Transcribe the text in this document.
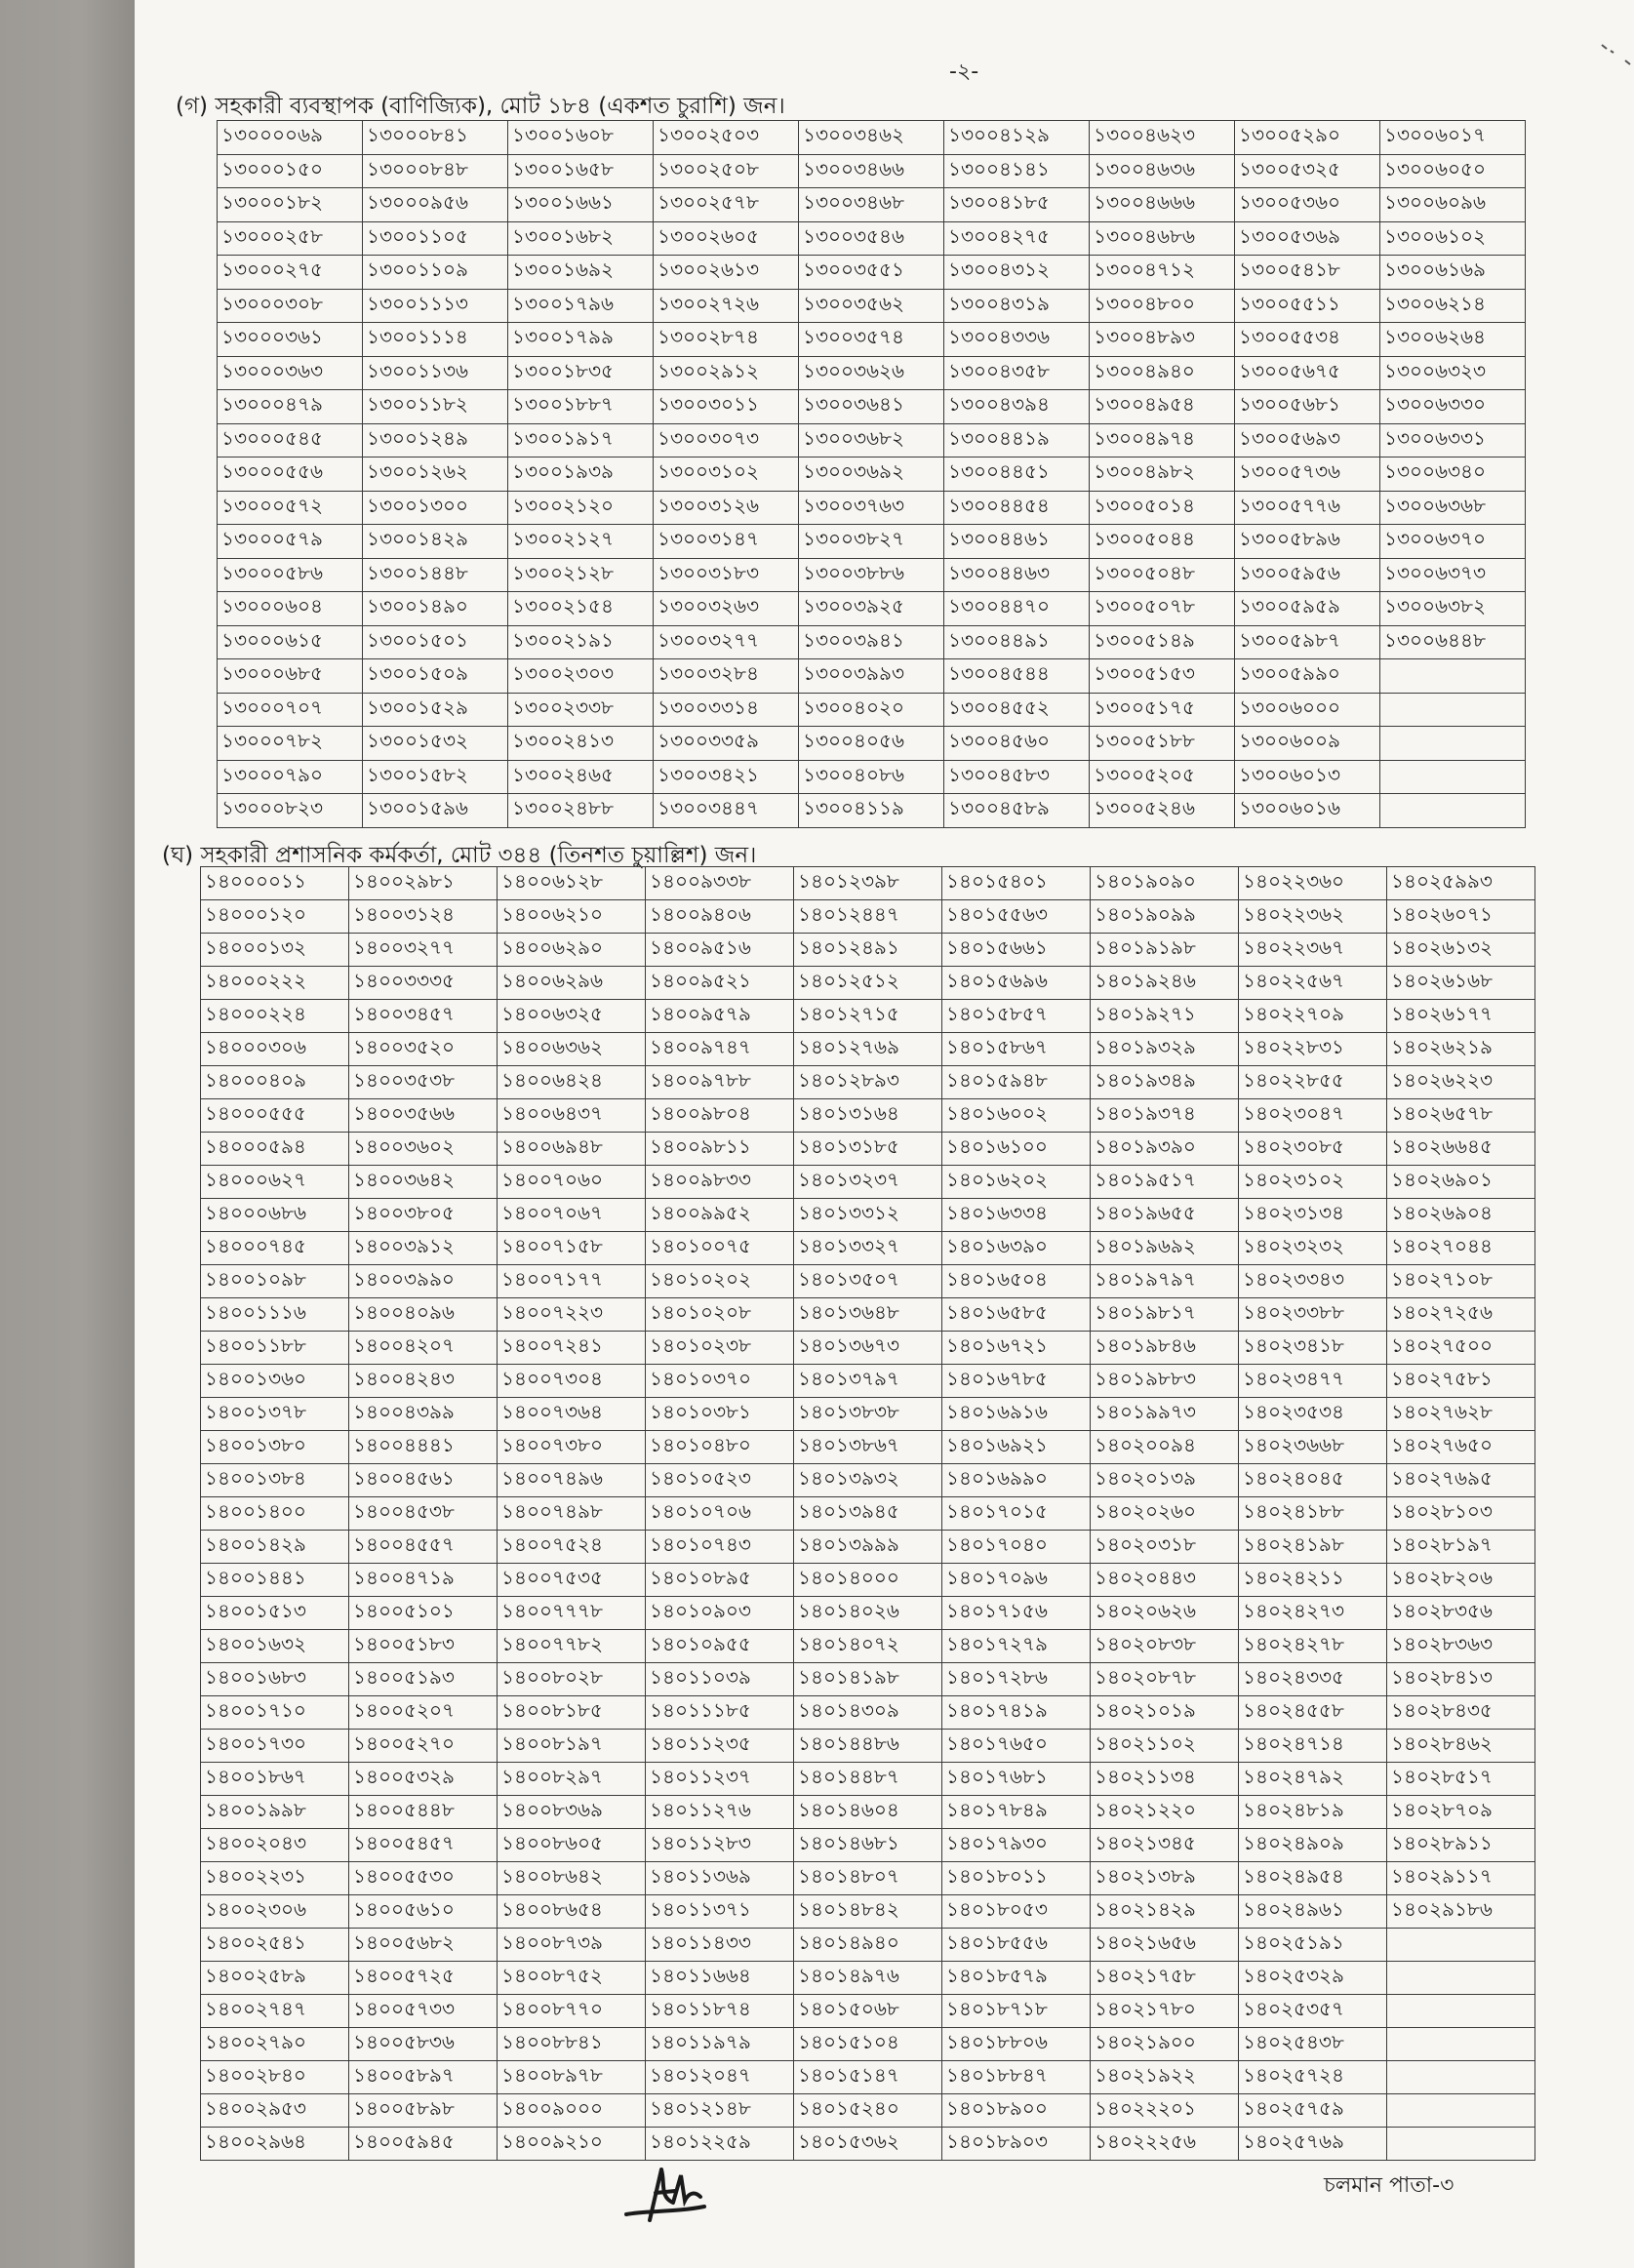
-২-
(গ) সহকারী ব্যবস্থাপক (বাণিজ্যিক), মোট ১৮৪ (একশত চুরাশি) জন।
১৩০০০০৬৯	১৩০০০৮৪১	১৩০০১৬০৮	১৩০০২৫০৩	১৩০০৩৪৬২	১৩০০৪১২৯	১৩০০৪৬২৩	১৩০০৫২৯০	১৩০০৬০১৭
১৩০০০১৫০	১৩০০০৮৪৮	১৩০০১৬৫৮	১৩০০২৫০৮	১৩০০৩৪৬৬	১৩০০৪১৪১	১৩০০৪৬৩৬	১৩০০৫৩২৫	১৩০০৬০৫০
১৩০০০১৮২	১৩০০০৯৫৬	১৩০০১৬৬১	১৩০০২৫৭৮	১৩০০৩৪৬৮	১৩০০৪১৮৫	১৩০০৪৬৬৬	১৩০০৫৩৬০	১৩০০৬০৯৬
১৩০০০২৫৮	১৩০০১১০৫	১৩০০১৬৮২	১৩০০২৬০৫	১৩০০৩৫৪৬	১৩০০৪২৭৫	১৩০০৪৬৮৬	১৩০০৫৩৬৯	১৩০০৬১০২
১৩০০০২৭৫	১৩০০১১০৯	১৩০০১৬৯২	১৩০০২৬১৩	১৩০০৩৫৫১	১৩০০৪৩১২	১৩০০৪৭১২	১৩০০৫৪১৮	১৩০০৬১৬৯
১৩০০০৩০৮	১৩০০১১১৩	১৩০০১৭৯৬	১৩০০২৭২৬	১৩০০৩৫৬২	১৩০০৪৩১৯	১৩০০৪৮০০	১৩০০৫৫১১	১৩০০৬২১৪
১৩০০০৩৬১	১৩০০১১১৪	১৩০০১৭৯৯	১৩০০২৮৭৪	১৩০০৩৫৭৪	১৩০০৪৩৩৬	১৩০০৪৮৯৩	১৩০০৫৫৩৪	১৩০০৬২৬৪
১৩০০০৩৬৩	১৩০০১১৩৬	১৩০০১৮৩৫	১৩০০২৯১২	১৩০০৩৬২৬	১৩০০৪৩৫৮	১৩০০৪৯৪০	১৩০০৫৬৭৫	১৩০০৬৩২৩
১৩০০০৪৭৯	১৩০০১১৮২	১৩০০১৮৮৭	১৩০০৩০১১	১৩০০৩৬৪১	১৩০০৪৩৯৪	১৩০০৪৯৫৪	১৩০০৫৬৮১	১৩০০৬৩৩০
১৩০০০৫৪৫	১৩০০১২৪৯	১৩০০১৯১৭	১৩০০৩০৭৩	১৩০০৩৬৮২	১৩০০৪৪১৯	১৩০০৪৯৭৪	১৩০০৫৬৯৩	১৩০০৬৩৩১
১৩০০০৫৫৬	১৩০০১২৬২	১৩০০১৯৩৯	১৩০০৩১০২	১৩০০৩৬৯২	১৩০০৪৪৫১	১৩০০৪৯৮২	১৩০০৫৭৩৬	১৩০০৬৩৪০
১৩০০০৫৭২	১৩০০১৩০০	১৩০০২১২০	১৩০০৩১২৬	১৩০০৩৭৬৩	১৩০০৪৪৫৪	১৩০০৫০১৪	১৩০০৫৭৭৬	১৩০০৬৩৬৮
১৩০০০৫৭৯	১৩০০১৪২৯	১৩০০২১২৭	১৩০০৩১৪৭	১৩০০৩৮২৭	১৩০০৪৪৬১	১৩০০৫০৪৪	১৩০০৫৮৯৬	১৩০০৬৩৭০
১৩০০০৫৮৬	১৩০০১৪৪৮	১৩০০২১২৮	১৩০০৩১৮৩	১৩০০৩৮৮৬	১৩০০৪৪৬৩	১৩০০৫০৪৮	১৩০০৫৯৫৬	১৩০০৬৩৭৩
১৩০০০৬০৪	১৩০০১৪৯০	১৩০০২১৫৪	১৩০০৩২৬৩	১৩০০৩৯২৫	১৩০০৪৪৭০	১৩০০৫০৭৮	১৩০০৫৯৫৯	১৩০০৬৩৮২
১৩০০০৬১৫	১৩০০১৫০১	১৩০০২১৯১	১৩০০৩২৭৭	১৩০০৩৯৪১	১৩০০৪৪৯১	১৩০০৫১৪৯	১৩০০৫৯৮৭	১৩০০৬৪৪৮
১৩০০০৬৮৫	১৩০০১৫০৯	১৩০০২৩০৩	১৩০০৩২৮৪	১৩০০৩৯৯৩	১৩০০৪৫৪৪	১৩০০৫১৫৩	১৩০০৫৯৯০	
১৩০০০৭০৭	১৩০০১৫২৯	১৩০০২৩৩৮	১৩০০৩৩১৪	১৩০০৪০২০	১৩০০৪৫৫২	১৩০০৫১৭৫	১৩০০৬০০০	
১৩০০০৭৮২	১৩০০১৫৩২	১৩০০২৪১৩	১৩০০৩৩৫৯	১৩০০৪০৫৬	১৩০০৪৫৬০	১৩০০৫১৮৮	১৩০০৬০০৯	
১৩০০০৭৯০	১৩০০১৫৮২	১৩০০২৪৬৫	১৩০০৩৪২১	১৩০০৪০৮৬	১৩০০৪৫৮৩	১৩০০৫২০৫	১৩০০৬০১৩	
১৩০০০৮২৩	১৩০০১৫৯৬	১৩০০২৪৮৮	১৩০০৩৪৪৭	১৩০০৪১১৯	১৩০০৪৫৮৯	১৩০০৫২৪৬	১৩০০৬০১৬	
(ঘ) সহকারী প্রশাসনিক কর্মকর্তা, মোট ৩৪৪ (তিনশত চুয়াল্লিশ) জন।
১৪০০০০১১	১৪০০২৯৮১	১৪০০৬১২৮	১৪০০৯৩৩৮	১৪০১২৩৯৮	১৪০১৫৪০১	১৪০১৯০৯০	১৪০২২৩৬০	১৪০২৫৯৯৩
১৪০০০১২০	১৪০০৩১২৪	১৪০০৬২১০	১৪০০৯৪০৬	১৪০১২৪৪৭	১৪০১৫৫৬৩	১৪০১৯০৯৯	১৪০২২৩৬২	১৪০২৬০৭১
১৪০০০১৩২	১৪০০৩২৭৭	১৪০০৬২৯০	১৪০০৯৫১৬	১৪০১২৪৯১	১৪০১৫৬৬১	১৪০১৯১৯৮	১৪০২২৩৬৭	১৪০২৬১৩২
১৪০০০২২২	১৪০০৩৩৩৫	১৪০০৬২৯৬	১৪০০৯৫২১	১৪০১২৫১২	১৪০১৫৬৯৬	১৪০১৯২৪৬	১৪০২২৫৬৭	১৪০২৬১৬৮
১৪০০০২২৪	১৪০০৩৪৫৭	১৪০০৬৩২৫	১৪০০৯৫৭৯	১৪০১২৭১৫	১৪০১৫৮৫৭	১৪০১৯২৭১	১৪০২২৭০৯	১৪০২৬১৭৭
১৪০০০৩০৬	১৪০০৩৫২০	১৪০০৬৩৬২	১৪০০৯৭৪৭	১৪০১২৭৬৯	১৪০১৫৮৬৭	১৪০১৯৩২৯	১৪০২২৮৩১	১৪০২৬২১৯
১৪০০০৪০৯	১৪০০৩৫৩৮	১৪০০৬৪২৪	১৪০০৯৭৮৮	১৪০১২৮৯৩	১৪০১৫৯৪৮	১৪০১৯৩৪৯	১৪০২২৮৫৫	১৪০২৬২২৩
১৪০০০৫৫৫	১৪০০৩৫৬৬	১৪০০৬৪৩৭	১৪০০৯৮০৪	১৪০১৩১৬৪	১৪০১৬০০২	১৪০১৯৩৭৪	১৪০২৩০৪৭	১৪০২৬৫৭৮
১৪০০০৫৯৪	১৪০০৩৬০২	১৪০০৬৯৪৮	১৪০০৯৮১১	১৪০১৩১৮৫	১৪০১৬১০০	১৪০১৯৩৯০	১৪০২৩০৮৫	১৪০২৬৬৪৫
১৪০০০৬২৭	১৪০০৩৬৪২	১৪০০৭০৬০	১৪০০৯৮৩৩	১৪০১৩২৩৭	১৪০১৬২০২	১৪০১৯৫১৭	১৪০২৩১০২	১৪০২৬৯০১
১৪০০০৬৮৬	১৪০০৩৮০৫	১৪০০৭০৬৭	১৪০০৯৯৫২	১৪০১৩৩১২	১৪০১৬৩৩৪	১৪০১৯৬৫৫	১৪০২৩১৩৪	১৪০২৬৯০৪
১৪০০০৭৪৫	১৪০০৩৯১২	১৪০০৭১৫৮	১৪০১০০৭৫	১৪০১৩৩২৭	১৪০১৬৩৯০	১৪০১৯৬৯২	১৪০২৩২৩২	১৪০২৭০৪৪
১৪০০১০৯৮	১৪০০৩৯৯০	১৪০০৭১৭৭	১৪০১০২০২	১৪০১৩৫০৭	১৪০১৬৫০৪	১৪০১৯৭৯৭	১৪০২৩৩৪৩	১৪০২৭১০৮
১৪০০১১১৬	১৪০০৪০৯৬	১৪০০৭২২৩	১৪০১০২০৮	১৪০১৩৬৪৮	১৪০১৬৫৮৫	১৪০১৯৮১৭	১৪০২৩৩৮৮	১৪০২৭২৫৬
১৪০০১১৮৮	১৪০০৪২০৭	১৪০০৭২৪১	১৪০১০২৩৮	১৪০১৩৬৭৩	১৪০১৬৭২১	১৪০১৯৮৪৬	১৪০২৩৪১৮	১৪০২৭৫০০
১৪০০১৩৬০	১৪০০৪২৪৩	১৪০০৭৩০৪	১৪০১০৩৭০	১৪০১৩৭৯৭	১৪০১৬৭৮৫	১৪০১৯৮৮৩	১৪০২৩৪৭৭	১৪০২৭৫৮১
১৪০০১৩৭৮	১৪০০৪৩৯৯	১৪০০৭৩৬৪	১৪০১০৩৮১	১৪০১৩৮৩৮	১৪০১৬৯১৬	১৪০১৯৯৭৩	১৪০২৩৫৩৪	১৪০২৭৬২৮
১৪০০১৩৮০	১৪০০৪৪৪১	১৪০০৭৩৮০	১৪০১০৪৮০	১৪০১৩৮৬৭	১৪০১৬৯২১	১৪০২০০৯৪	১৪০২৩৬৬৮	১৪০২৭৬৫০
১৪০০১৩৮৪	১৪০০৪৫৬১	১৪০০৭৪৯৬	১৪০১০৫২৩	১৪০১৩৯৩২	১৪০১৬৯৯০	১৪০২০১৩৯	১৪০২৪০৪৫	১৪০২৭৬৯৫
১৪০০১৪০০	১৪০০৪৫৩৮	১৪০০৭৪৯৮	১৪০১০৭০৬	১৪০১৩৯৪৫	১৪০১৭০১৫	১৪০২০২৬০	১৪০২৪১৮৮	১৪০২৮১০৩
১৪০০১৪২৯	১৪০০৪৫৫৭	১৪০০৭৫২৪	১৪০১০৭৪৩	১৪০১৩৯৯৯	১৪০১৭০৪০	১৪০২০৩১৮	১৪০২৪১৯৮	১৪০২৮১৯৭
১৪০০১৪৪১	১৪০০৪৭১৯	১৪০০৭৫৩৫	১৪০১০৮৯৫	১৪০১৪০০০	১৪০১৭০৯৬	১৪০২০৪৪৩	১৪০২৪২১১	১৪০২৮২০৬
১৪০০১৫১৩	১৪০০৫১০১	১৪০০৭৭৭৮	১৪০১০৯০৩	১৪০১৪০২৬	১৪০১৭১৫৬	১৪০২০৬২৬	১৪০২৪২৭৩	১৪০২৮৩৫৬
১৪০০১৬৩২	১৪০০৫১৮৩	১৪০০৭৭৮২	১৪০১০৯৫৫	১৪০১৪০৭২	১৪০১৭২৭৯	১৪০২০৮৩৮	১৪০২৪২৭৮	১৪০২৮৩৬৩
১৪০০১৬৮৩	১৪০০৫১৯৩	১৪০০৮০২৮	১৪০১১০৩৯	১৪০১৪১৯৮	১৪০১৭২৮৬	১৪০২০৮৭৮	১৪০২৪৩৩৫	১৪০২৮৪১৩
১৪০০১৭১০	১৪০০৫২০৭	১৪০০৮১৮৫	১৪০১১১৮৫	১৪০১৪৩০৯	১৪০১৭৪১৯	১৪০২১০১৯	১৪০২৪৫৫৮	১৪০২৮৪৩৫
১৪০০১৭৩০	১৪০০৫২৭০	১৪০০৮১৯৭	১৪০১১২৩৫	১৪০১৪৪৮৬	১৪০১৭৬৫০	১৪০২১১০২	১৪০২৪৭১৪	১৪০২৮৪৬২
১৪০০১৮৬৭	১৪০০৫৩২৯	১৪০০৮২৯৭	১৪০১১২৩৭	১৪০১৪৪৮৭	১৪০১৭৬৮১	১৪০২১১৩৪	১৪০২৪৭৯২	১৪০২৮৫১৭
১৪০০১৯৯৮	১৪০০৫৪৪৮	১৪০০৮৩৬৯	১৪০১১২৭৬	১৪০১৪৬০৪	১৪০১৭৮৪৯	১৪০২১২২০	১৪০২৪৮১৯	১৪০২৮৭০৯
১৪০০২০৪৩	১৪০০৫৪৫৭	১৪০০৮৬০৫	১৪০১১২৮৩	১৪০১৪৬৮১	১৪০১৭৯৩০	১৪০২১৩৪৫	১৪০২৪৯০৯	১৪০২৮৯১১
১৪০০২২৩১	১৪০০৫৫৩০	১৪০০৮৬৪২	১৪০১১৩৬৯	১৪০১৪৮০৭	১৪০১৮০১১	১৪০২১৩৮৯	১৪০২৪৯৫৪	১৪০২৯১১৭
১৪০০২৩০৬	১৪০০৫৬১০	১৪০০৮৬৫৪	১৪০১১৩৭১	১৪০১৪৮৪২	১৪০১৮০৫৩	১৪০২১৪২৯	১৪০২৪৯৬১	১৪০২৯১৮৬
১৪০০২৫৪১	১৪০০৫৬৮২	১৪০০৮৭৩৯	১৪০১১৪৩৩	১৪০১৪৯৪০	১৪০১৮৫৫৬	১৪০২১৬৫৬	১৪০২৫১৯১	
১৪০০২৫৮৯	১৪০০৫৭২৫	১৪০০৮৭৫২	১৪০১১৬৬৪	১৪০১৪৯৭৬	১৪০১৮৫৭৯	১৪০২১৭৫৮	১৪০২৫৩২৯	
১৪০০২৭৪৭	১৪০০৫৭৩৩	১৪০০৮৭৭০	১৪০১১৮৭৪	১৪০১৫০৬৮	১৪০১৮৭১৮	১৪০২১৭৮০	১৪০২৫৩৫৭	
১৪০০২৭৯০	১৪০০৫৮৩৬	১৪০০৮৮৪১	১৪০১১৯৭৯	১৪০১৫১০৪	১৪০১৮৮০৬	১৪০২১৯০০	১৪০২৫৪৩৮	
১৪০০২৮৪০	১৪০০৫৮৯৭	১৪০০৮৯৭৮	১৪০১২০৪৭	১৪০১৫১৪৭	১৪০১৮৮৪৭	১৪০২১৯২২	১৪০২৫৭২৪	
১৪০০২৯৫৩	১৪০০৫৮৯৮	১৪০০৯০০০	১৪০১২১৪৮	১৪০১৫২৪০	১৪০১৮৯০০	১৪০২২২০১	১৪০২৫৭৫৯	
১৪০০২৯৬৪	১৪০০৫৯৪৫	১৪০০৯২১০	১৪০১২২৫৯	১৪০১৫৩৬২	১৪০১৮৯০৩	১৪০২২২৫৬	১৪০২৫৭৬৯	
চলমান পাতা-৩
